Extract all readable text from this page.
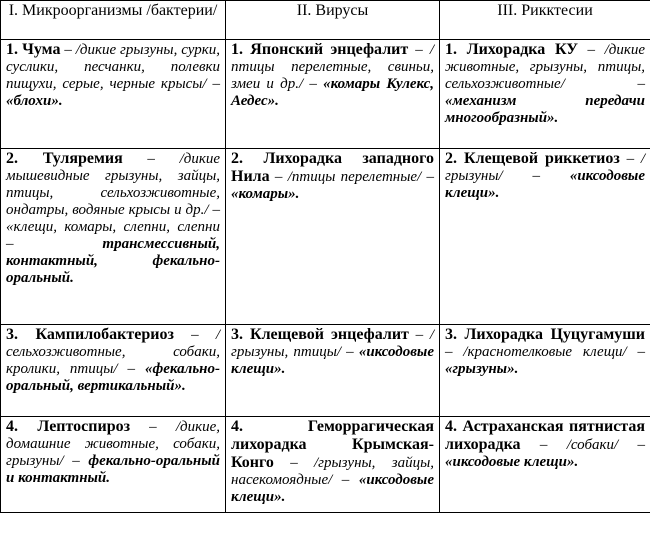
I. Микроорганизмы /бактерии/	II. Вирусы	III. Рикктесии
1. Чума – /дикие грызуны, сурки, суслики, песчанки, полевки пищухи, серые, черные крысы/ – «блохи».	1. Японский энцефалит – /птицы перелетные, свиньи, змеи и др./ – «комары Кулекс, Аедес».	1. Лихорадка КУ – /дикие животные, грызуны, птицы, сельхозживотные/ – «механизм передачи многообразный».
2. Туляремия – /дикие мышевидные грызуны, зайцы, птицы, сельхозживотные, ондатры, водяные крысы и др./ – «клещи, комары, слепни, слепни – трансмессивный, контактный, фекально-оральный.	2. Лихорадка западного Нила – /птицы перелетные/ – «комары».	2. Клещевой риккетиоз – /грызуны/ – «иксодовые клещи».
3. Кампилобактериоз – /сельхозживотные, собаки, кролики, птицы/ – «фекально-оральный, вертикальный».	3. Клещевой энцефалит – /грызуны, птицы/ – «иксодовые клещи».	3. Лихорадка Цуцугамуши – /краснотелковые клещи/ – «грызуны».
4. Лептоспироз – /дикие, домашние животные, собаки, грызуны/ – фекально-оральный и контактный.	4. Геморрагическая лихорадка Крымская-Конго – /грызуны, зайцы, насекомоядные/ – «иксодовые клещи».	4. Астраханская пятнистая лихорадка – /собаки/ – «иксодовые клещи».
